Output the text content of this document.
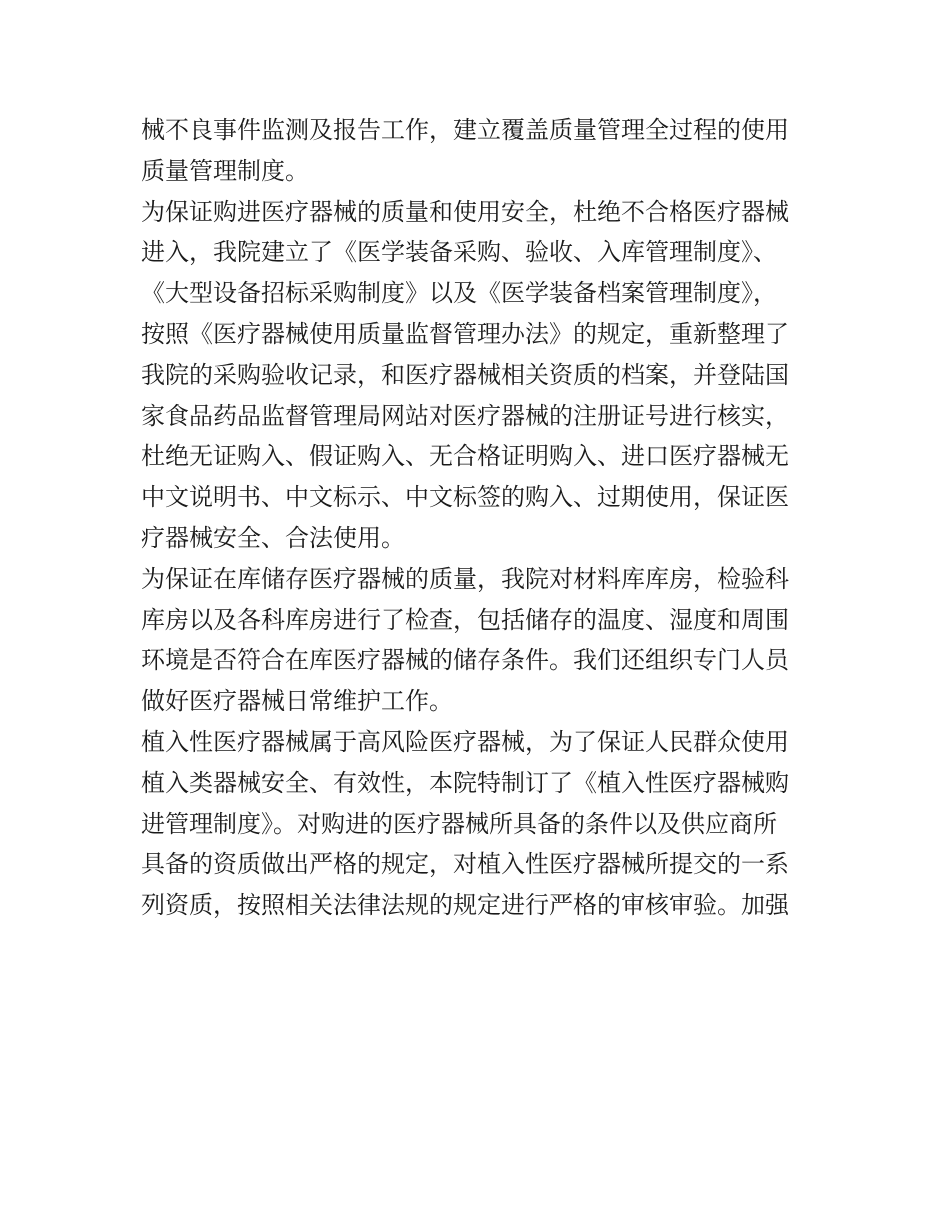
械不良事件监测及报告工作，建立覆盖质量管理全过程的使用
质量管理制度。
为保证购进医疗器械的质量和使用安全，杜绝不合格医疗器械
进入，我院建立了《医学装备采购、验收、入库管理制度》、
《大型设备招标采购制度》以及《医学装备档案管理制度》，
按照《医疗器械使用质量监督管理办法》的规定，重新整理了
我院的采购验收记录，和医疗器械相关资质的档案，并登陆国
家食品药品监督管理局网站对医疗器械的注册证号进行核实，
杜绝无证购入、假证购入、无合格证明购入、进口医疗器械无
中文说明书、中文标示、中文标签的购入、过期使用，保证医
疗器械安全、合法使用。
为保证在库储存医疗器械的质量，我院对材料库库房，检验科
库房以及各科库房进行了检查，包括储存的温度、湿度和周围
环境是否符合在库医疗器械的储存条件。我们还组织专门人员
做好医疗器械日常维护工作。
植入性医疗器械属于高风险医疗器械，为了保证人民群众使用
植入类器械安全、有效性，本院特制订了《植入性医疗器械购
进管理制度》。对购进的医疗器械所具备的条件以及供应商所
具备的资质做出严格的规定，对植入性医疗器械所提交的一系
列资质，按照相关法律法规的规定进行严格的审核审验。加强
